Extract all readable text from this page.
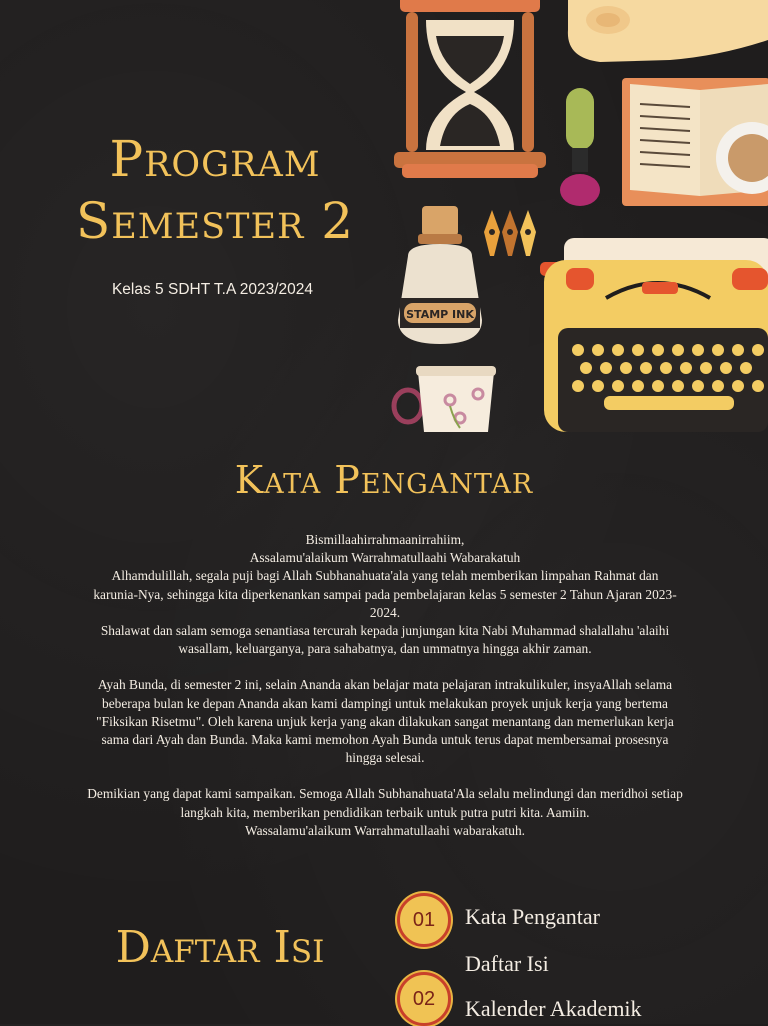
Program
Semester 2
Kelas 5 SDHT T.A 2023/2024
STAMP INK
Kata Pengantar
Bismillaahirrahmaanirrahiim,
Assalamu'alaikum Warrahmatullaahi Wabarakatuh
Alhamdulillah, segala puji bagi Allah Subhanahuata'ala yang telah memberikan limpahan Rahmat dan
karunia-Nya, sehingga kita diperkenankan sampai pada pembelajaran kelas 5 semester 2 Tahun Ajaran 2023-
2024.
Shalawat dan salam semoga senantiasa tercurah kepada junjungan kita Nabi Muhammad shalallahu 'alaihi
wasallam, keluarganya, para sahabatnya, dan ummatnya hingga akhir zaman.
Ayah Bunda, di semester 2 ini, selain Ananda akan belajar mata pelajaran intrakulikuler, insyaAllah selama
beberapa bulan ke depan Ananda akan kami dampingi untuk melakukan proyek unjuk kerja yang bertema
"Fiksikan Risetmu". Oleh karena unjuk kerja yang akan dilakukan sangat menantang dan memerlukan kerja
sama dari Ayah dan Bunda. Maka kami memohon Ayah Bunda untuk terus dapat membersamai prosesnya
hingga selesai.
Demikian yang dapat kami sampaikan. Semoga Allah Subhanahuata'Ala selalu melindungi dan meridhoi setiap
langkah kita, memberikan pendidikan terbaik untuk putra putri kita. Aamiin.
Wassalamu'alaikum Warrahmatullaahi wabarakatuh.
Daftar Isi
01
02
Kata Pengantar
Daftar Isi
Kalender Akademik
